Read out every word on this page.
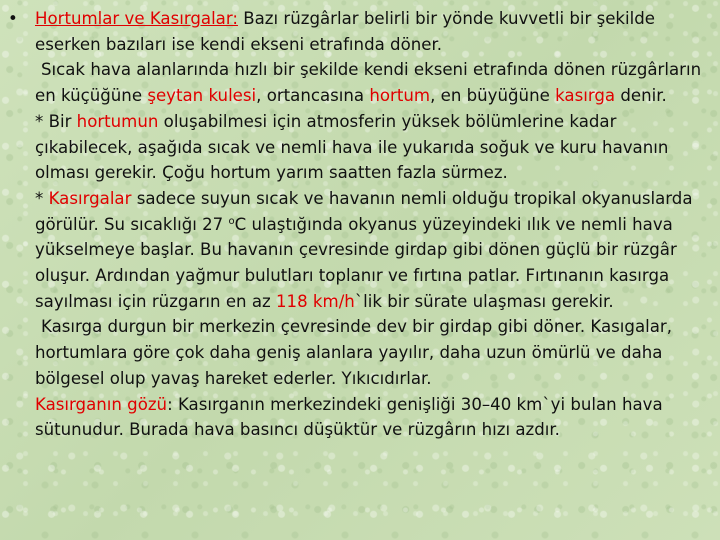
• Hortumlar ve Kasırgalar: Bazı rüzgârlar belirli bir yönde kuvvetli bir şekilde eserken bazıları ise kendi ekseni etrafında döner.

Sıcak hava alanlarında hızlı bir şekilde kendi ekseni etrafında dönen rüzgârların en küçüğüne şeytan kulesi, ortancasına hortum, en büyüğüne kasırga denir.

* Bir hortumun oluşabilmesi için atmosferin yüksek bölümlerine kadar çıkabilecek, aşağıda sıcak ve nemli hava ile yukarıda soğuk ve kuru havanın olması gerekir. Çoğu hortum yarım saatten fazla sürmez.

* Kasırgalar sadece suyun sıcak ve havanın nemli olduğu tropikal okyanuslarda görülür. Su sıcaklığı 27 $^o$C ulaştığında okyanus yüzeyindeki ılık ve nemli hava yükselmeye başlar. Bu havanın çevresinde girdap gibi dönen güçlü bir rüzgâr oluşur. Ardından yağmur bulutları toplanır ve fırtına patlar. Fırtınanın kasırga sayılması için rüzgarın en az 118 km/h`lik bir sürate ulaşması gerekir.

Kasırga durgun bir merkezin çevresinde dev bir girdap gibi döner. Kasıgalar, hortumlara göre çok daha geniş alanlara yayılır, daha uzun ömürlü ve daha bölgesel olup yavaş hareket ederler. Yıkıcıdırlar.

Kasırganın gözü: Kasırganın merkezindeki genişliği 30–40 km`yi bulan hava sütunudur. Burada hava basıncı düşüktür ve rüzgârın hızı azdır.
